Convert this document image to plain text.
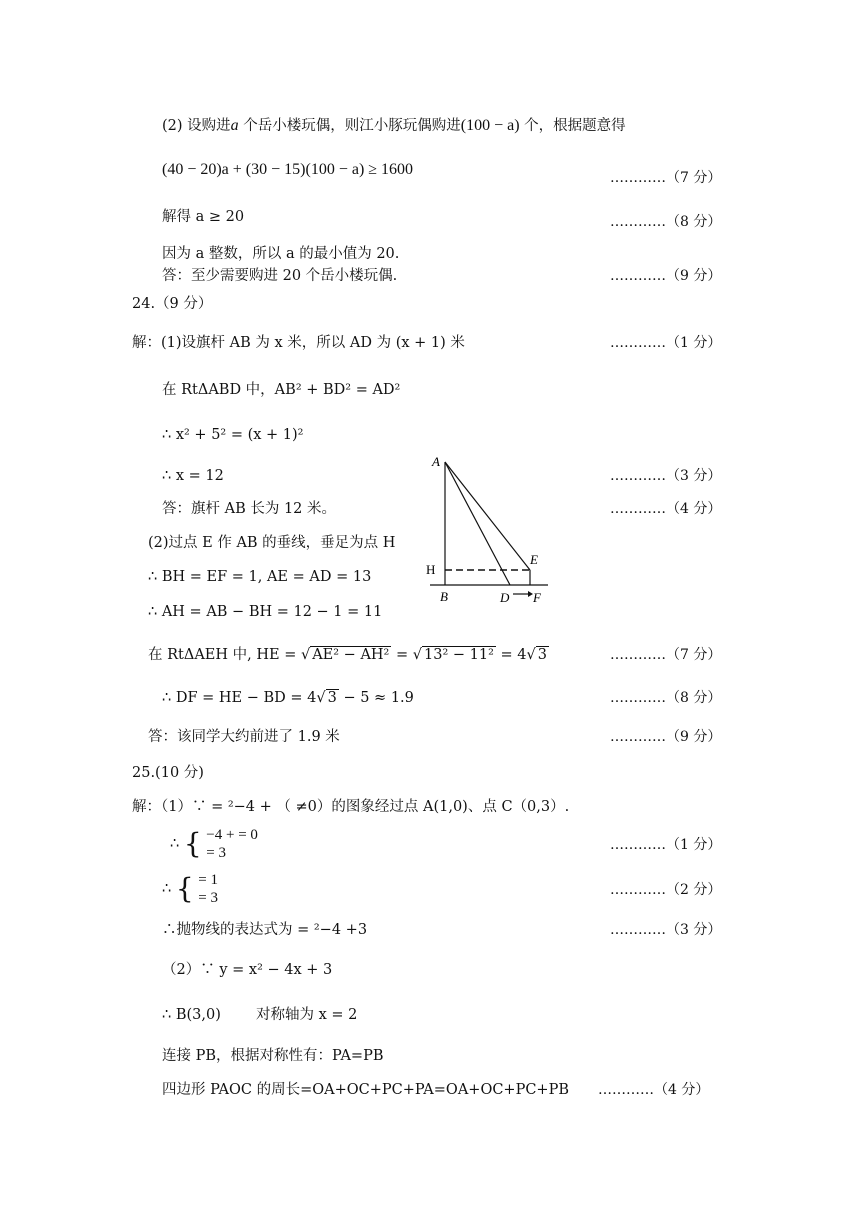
(2) 设购进a 个岳小楼玩偶，则江小豚玩偶购进(100 − a) 个，根据题意得
(40 − 20)a + (30 − 15)(100 − a) ≥ 1600	…………（7 分）
解得 a ≥ 20	…………（8 分）
因为 a 整数，所以 a 的最小值为 20.
答：至少需要购进 20 个岳小楼玩偶.	…………（9 分）
24.（9 分）
解：(1)设旗杆 AB 为 x 米，所以 AD 为 (x + 1) 米	…………（1 分）
在 RtΔABD 中，AB² + BD² = AD²
∴ x² + 5² = (x + 1)²
∴ x = 12	…………（3 分）
答：旗杆 AB 长为 12 米。	…………（4 分）
(2)过点 E 作 AB 的垂线，垂足为点 H
∴ BH = EF = 1, AE = AD = 13
∴ AH = AB − BH = 12 − 1 = 11
A
H
E
B	D F
在 RtΔAEH 中, HE = √ AE² − AH² = √ 13² − 11² = 4√ 3	…………（7 分）
∴ DF = HE − BD = 4√ 3 − 5 ≈ 1.9	…………（8 分）
答：该同学大约前进了 1.9 米	…………（9 分）
25.(10 分)
解：（1）∵ = ²−4 + （ ≠0）的图象经过点 A(1,0)、点 C（0,3）.
∴ { −4 + = 0
= 3	…………（1 分）
∴ { = 1
= 3	…………（2 分）
∴抛物线的表达式为 = ²−4 +3	…………（3 分）
（2）∵ y = x² − 4x + 3
∴ B(3,0) 对称轴为 x = 2
连接 PB，根据对称性有：PA=PB
四边形 PAOC 的周长=OA+OC+PC+PA=OA+OC+PC+PB …………（4 分）
